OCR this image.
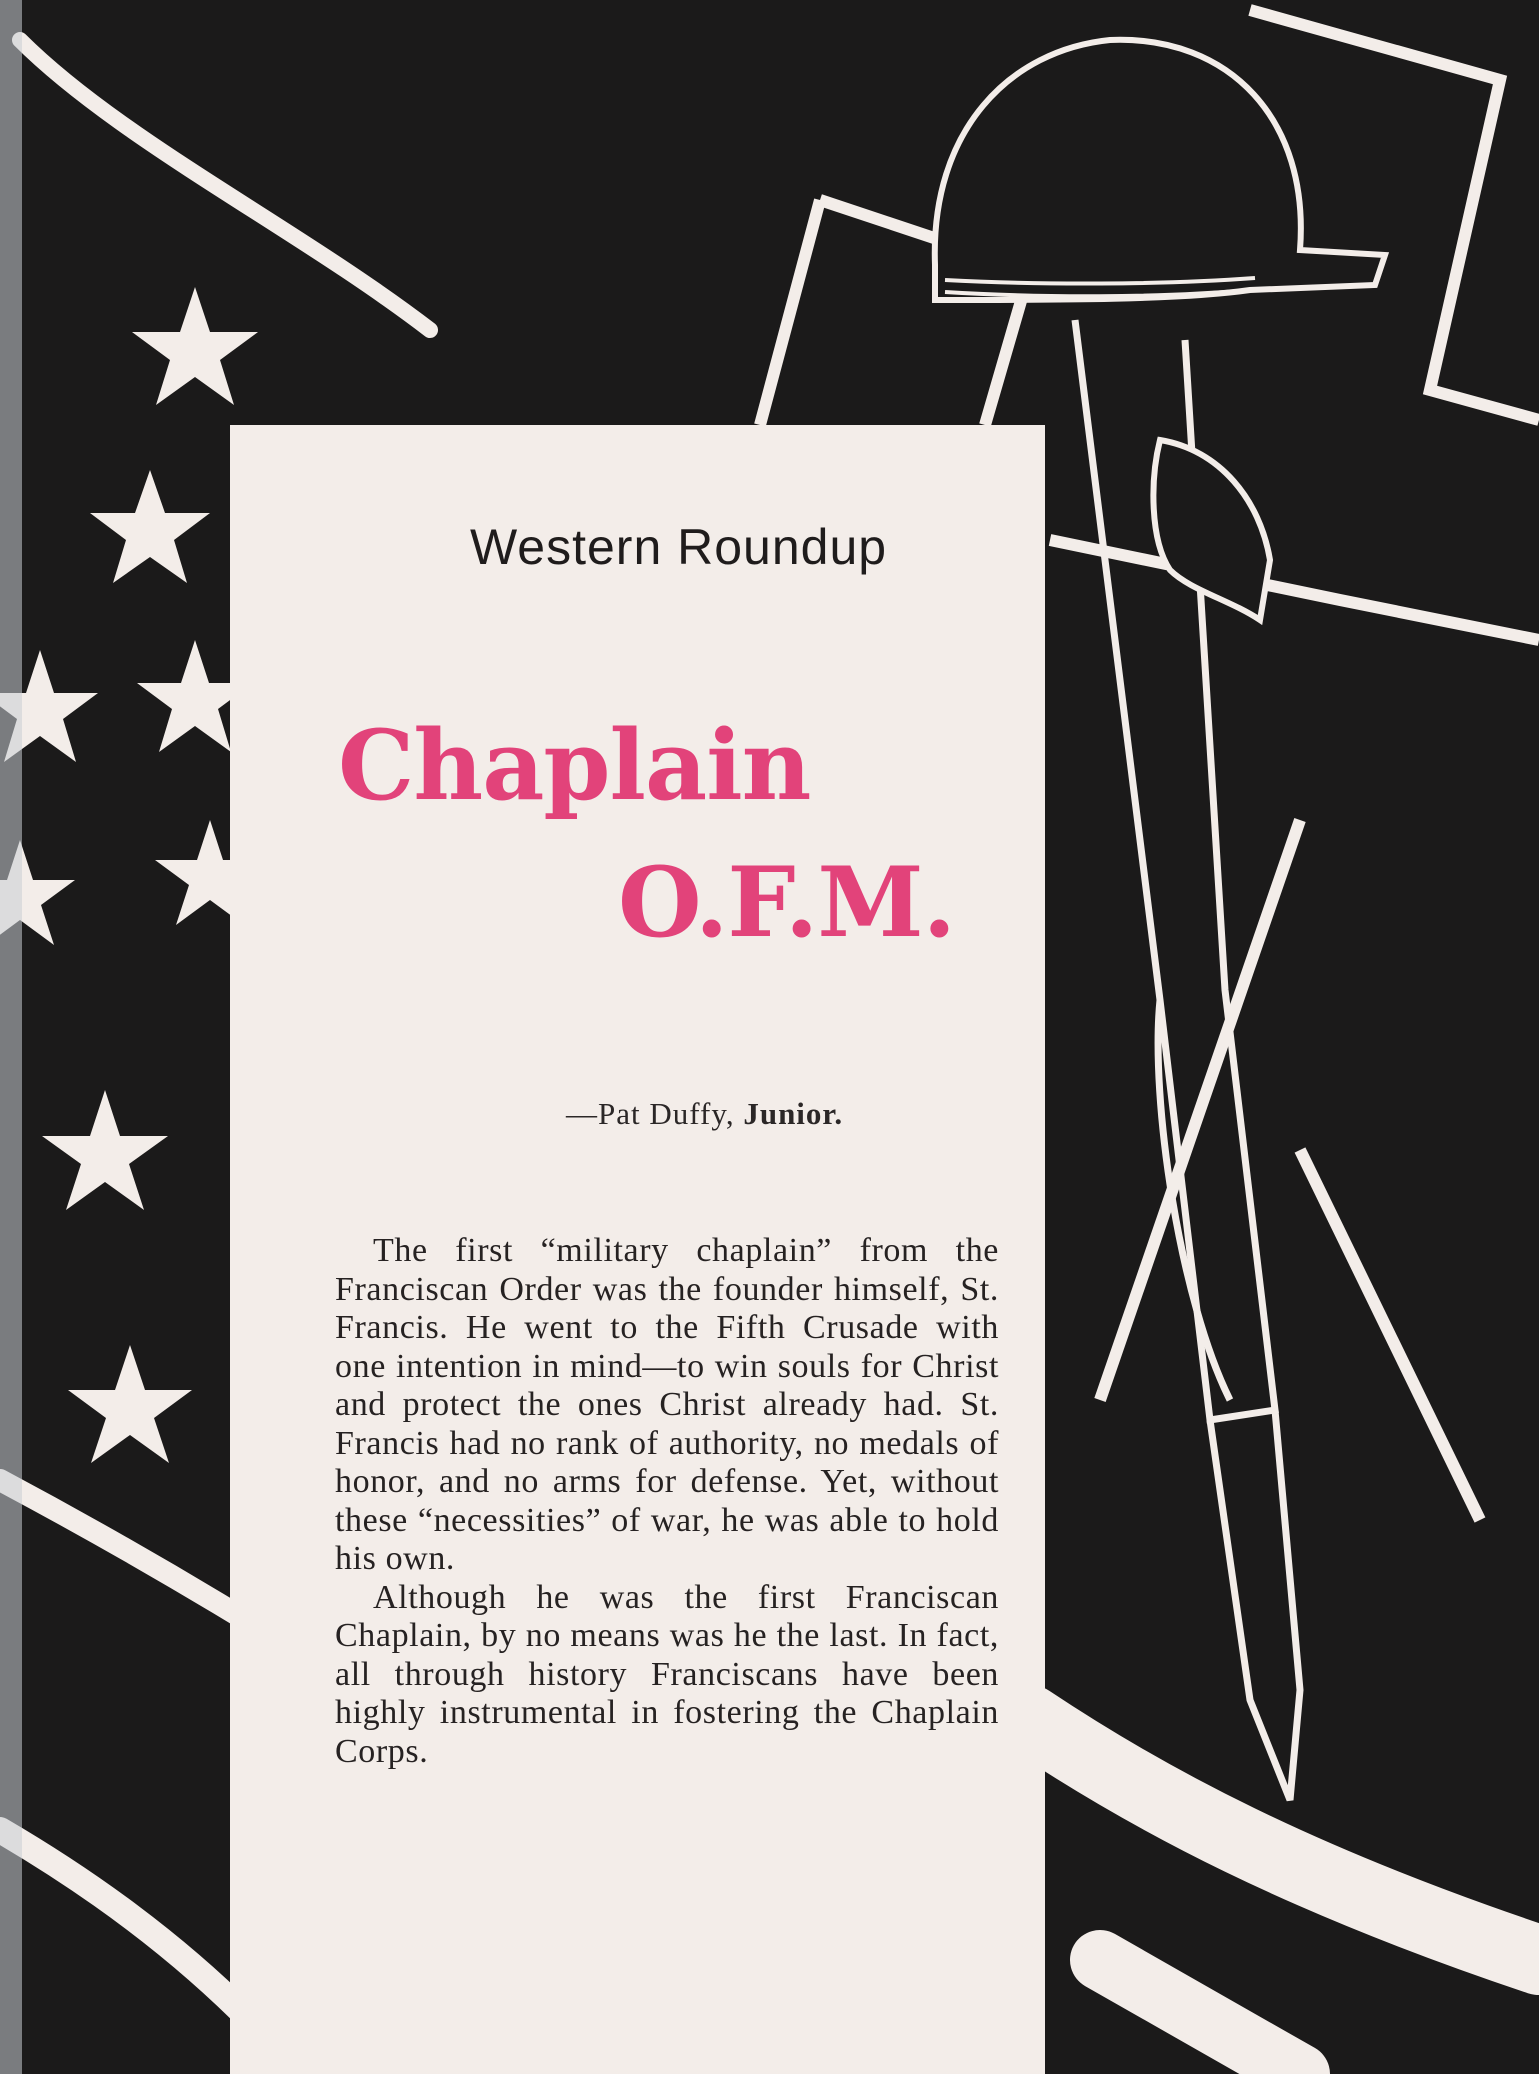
Western Roundup
Chaplain
O.F.M.

—Pat Duffy, Junior.

The first “military chaplain” from the Franciscan Order was the founder himself, St. Francis. He went to the Fifth Crusade with one intention in mind—to win souls for Christ and protect the ones Christ already had. St. Francis had no rank of authority, no medals of honor, and no arms for defense. Yet, without these “necessities” of war, he was able to hold his own.

Although he was the first Franciscan Chaplain, by no means was he the last. In fact, all through history Franciscans have been highly instrumental in fostering the Chaplain Corps.
